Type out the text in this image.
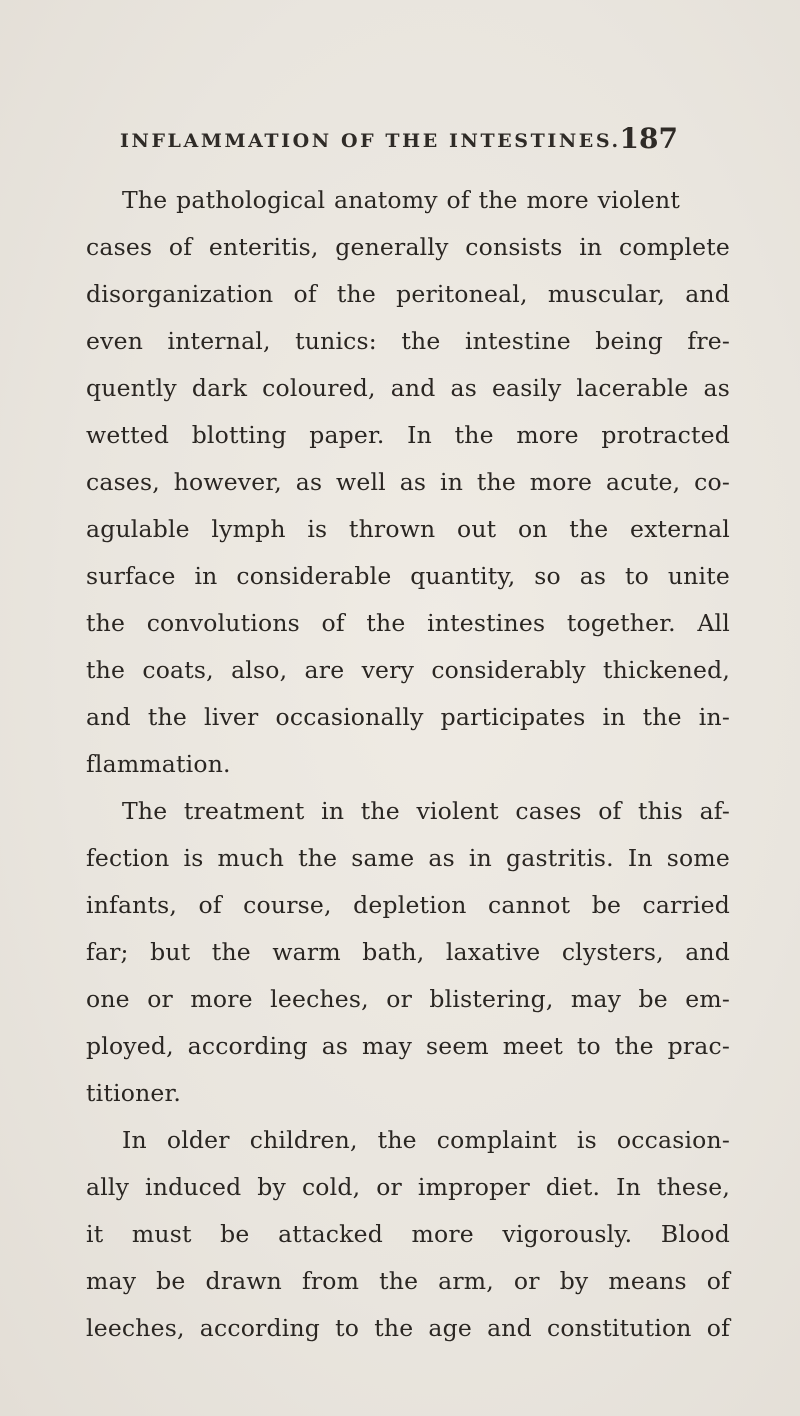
INFLAMMATION OF THE INTESTINES.
187
The pathological anatomy of the more violent
cases of enteritis, generally consists in complete
disorganization of the peritoneal, muscular, and
even internal, tunics: the intestine being fre-
quently dark coloured, and as easily lacerable as
wetted blotting paper. In the more protracted
cases, however, as well as in the more acute, co-
agulable lymph is thrown out on the external
surface in considerable quantity, so as to unite
the convolutions of the intestines together. All
the coats, also, are very considerably thickened,
and the liver occasionally participates in the in-
flammation.
The treatment in the violent cases of this af-
fection is much the same as in gastritis. In some
infants, of course, depletion cannot be carried
far; but the warm bath, laxative clysters, and
one or more leeches, or blistering, may be em-
ployed, according as may seem meet to the prac-
titioner.
In older children, the complaint is occasion-
ally induced by cold, or improper diet. In these,
it must be attacked more vigorously. Blood
may be drawn from the arm, or by means of
leeches, according to the age and constitution of
